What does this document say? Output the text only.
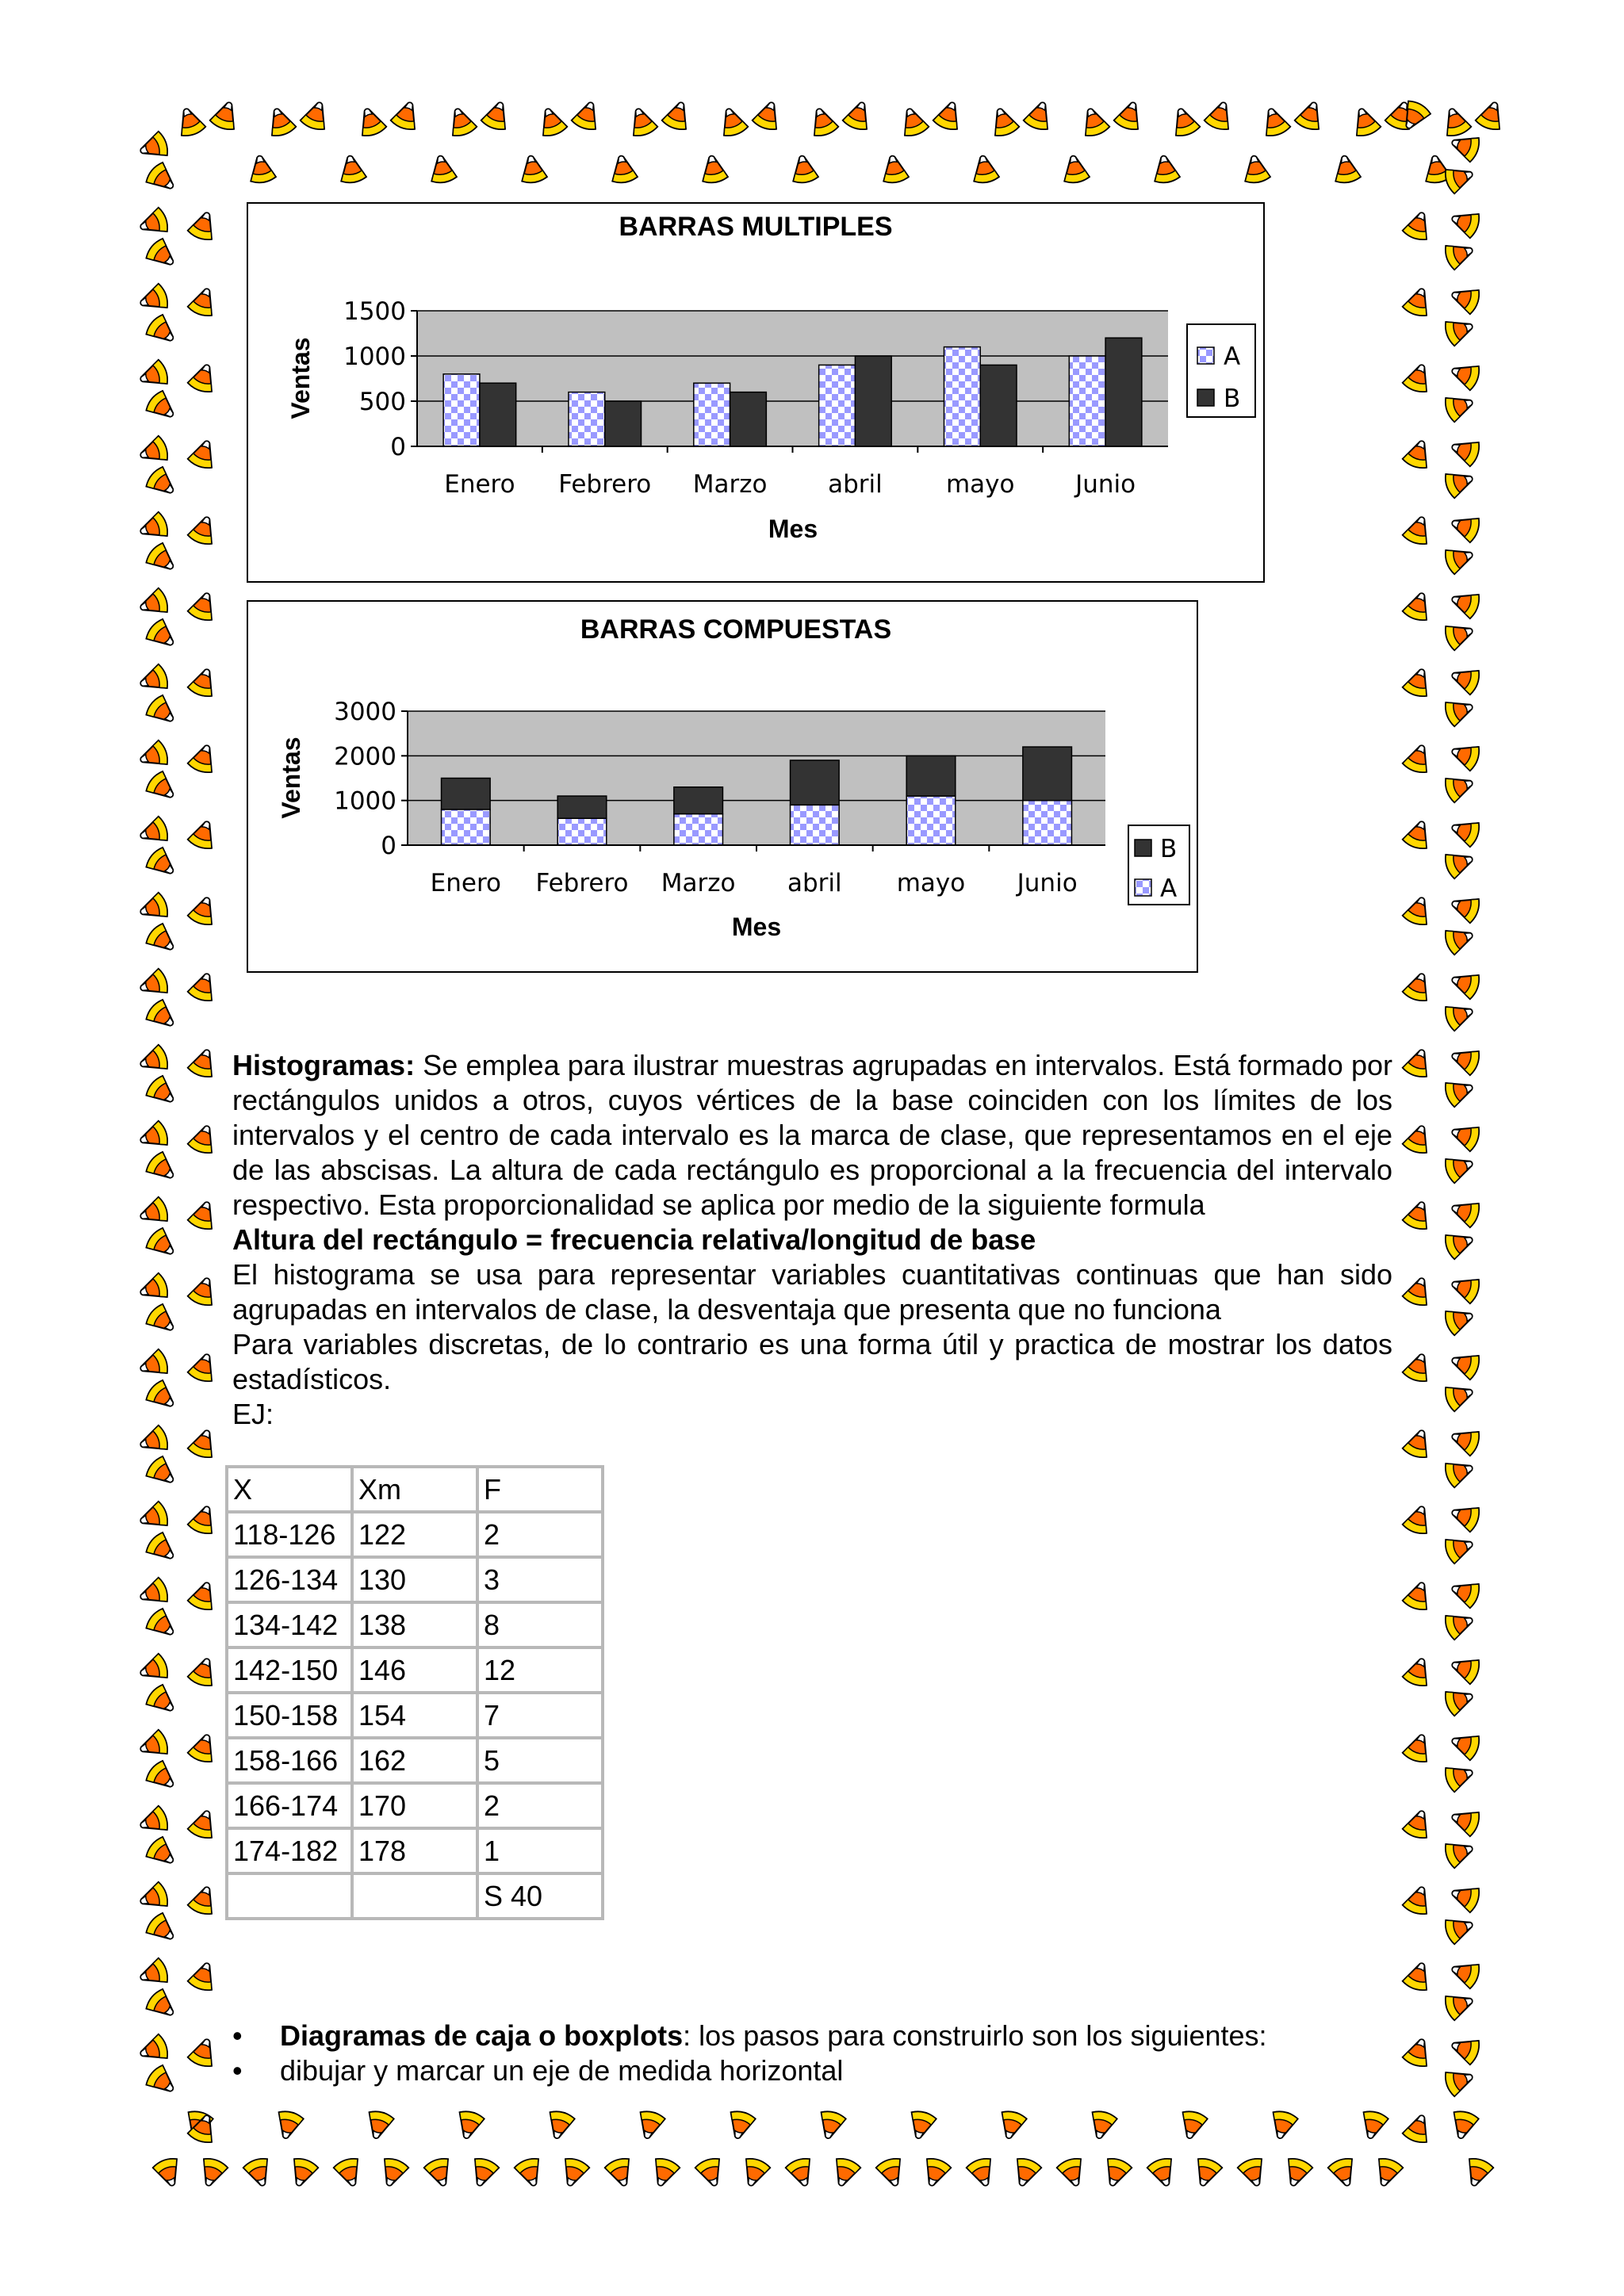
BARRAS MULTIPLES
0
500
1000
1500
Enero Febrero Marzo abril	mayo Junio
Ventas
Mes
A
B
BARRAS COMPUESTAS
0
1000
2000
3000
Enero Febrero Marzo abril mayo Junio
Ventas
Mes
B
A

Histogramas: Se emplea para ilustrar muestras agrupadas en intervalos. Está formado por rectángulos unidos a otros, cuyos vértices de la base coinciden con los límites de los intervalos y el centro de cada intervalo es la marca de clase, que representamos en el eje de las abscisas. La altura de cada rectángulo es proporcional a la frecuencia del intervalo respectivo. Esta proporcionalidad se aplica por medio de la siguiente formula

Altura del rectángulo = frecuencia relativa/longitud de base

El histograma se usa para representar variables cuantitativas continuas que han sido agrupadas en intervalos de clase, la desventaja que presenta que no funciona

Para variables discretas, de lo contrario es una forma útil y practica de mostrar los datos estadísticos.

EJ:

X	Xm	F
118-126	122	2
126-134	130	3
134-142	138	8
142-150	146	12
150-158	154	7
158-166	162	5
166-174	170	2
174-182	178	1
		S 40
• Diagramas de caja o boxplots: los pasos para construirlo son los siguientes:
• dibujar y marcar un eje de medida horizontal
